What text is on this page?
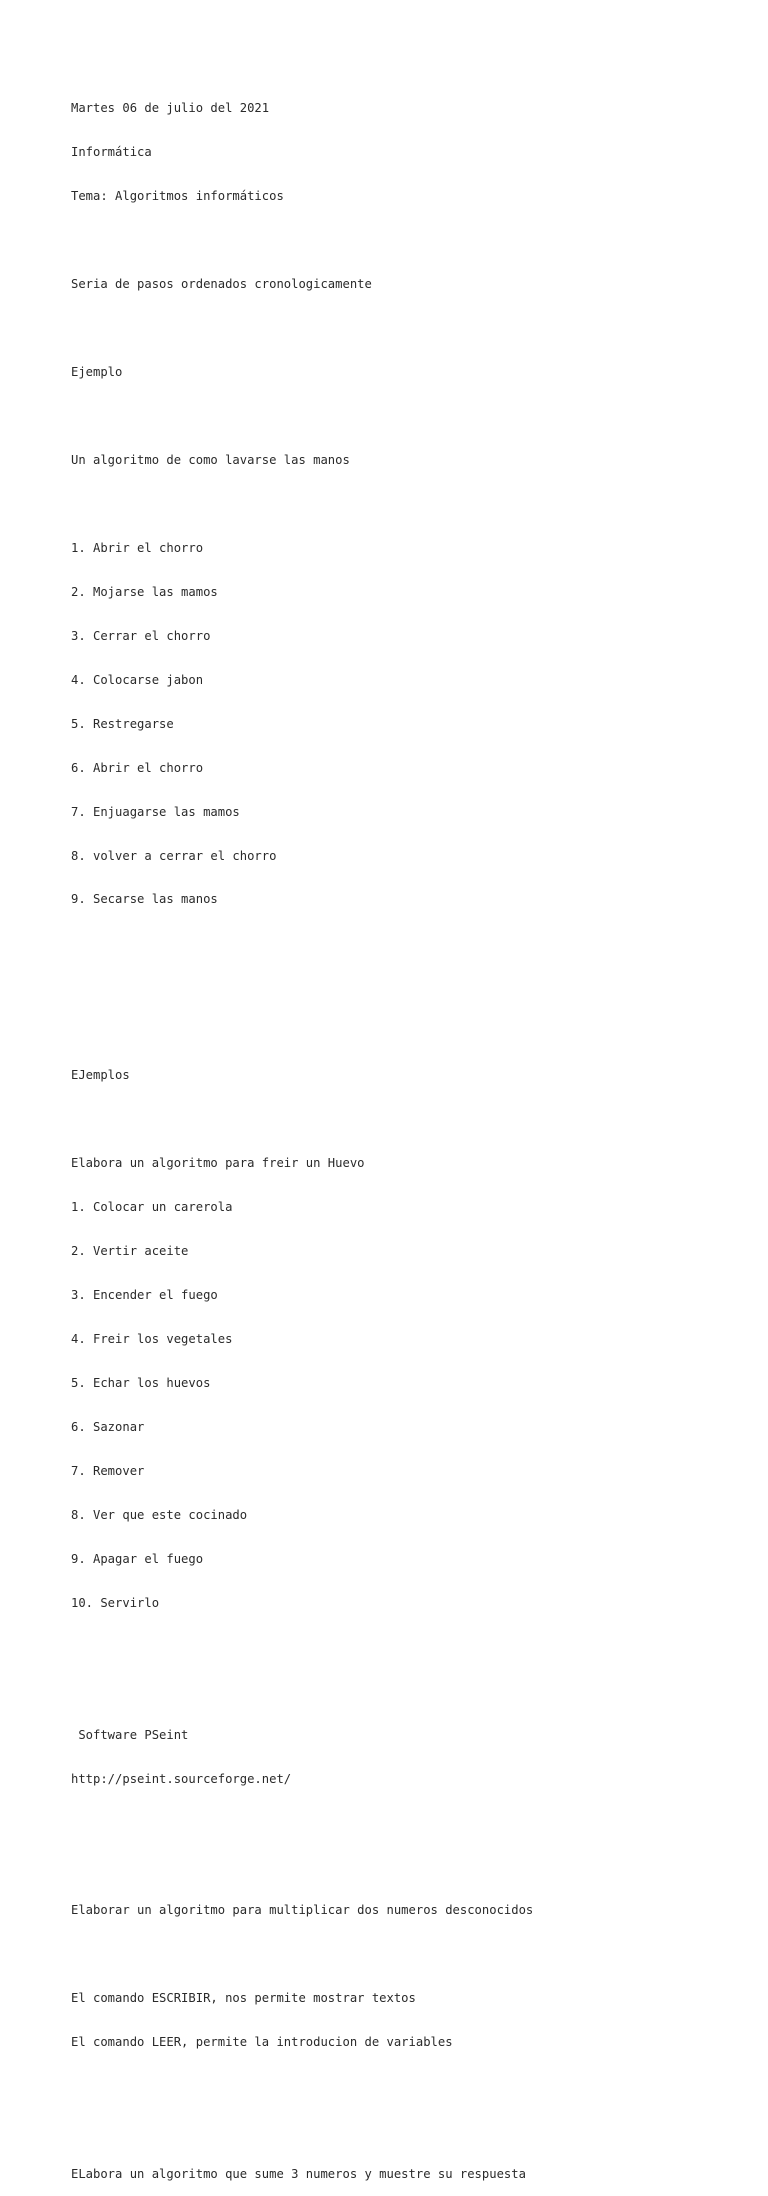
Martes 06 de julio del 2021

Informática

Tema: Algoritmos informáticos

Seria de pasos ordenados cronologicamente

Ejemplo

Un algoritmo de como lavarse las manos

1. Abrir el chorro

2. Mojarse las mamos

3. Cerrar el chorro

4. Colocarse jabon

5. Restregarse

6. Abrir el chorro

7. Enjuagarse las mamos

8. volver a cerrar el chorro

9. Secarse las manos

EJemplos

Elabora un algoritmo para freir un Huevo

1. Colocar un carerola

2. Vertir aceite

3. Encender el fuego

4. Freir los vegetales

5. Echar los huevos

6. Sazonar

7. Remover

8. Ver que este cocinado

9. Apagar el fuego

10. Servirlo

Software PSeint

http://pseint.sourceforge.net/

Elaborar un algoritmo para multiplicar dos numeros desconocidos

El comando ESCRIBIR, nos permite mostrar textos

El comando LEER, permite la introducion de variables

ELabora un algoritmo que sume 3 numeros y muestre su respuesta
